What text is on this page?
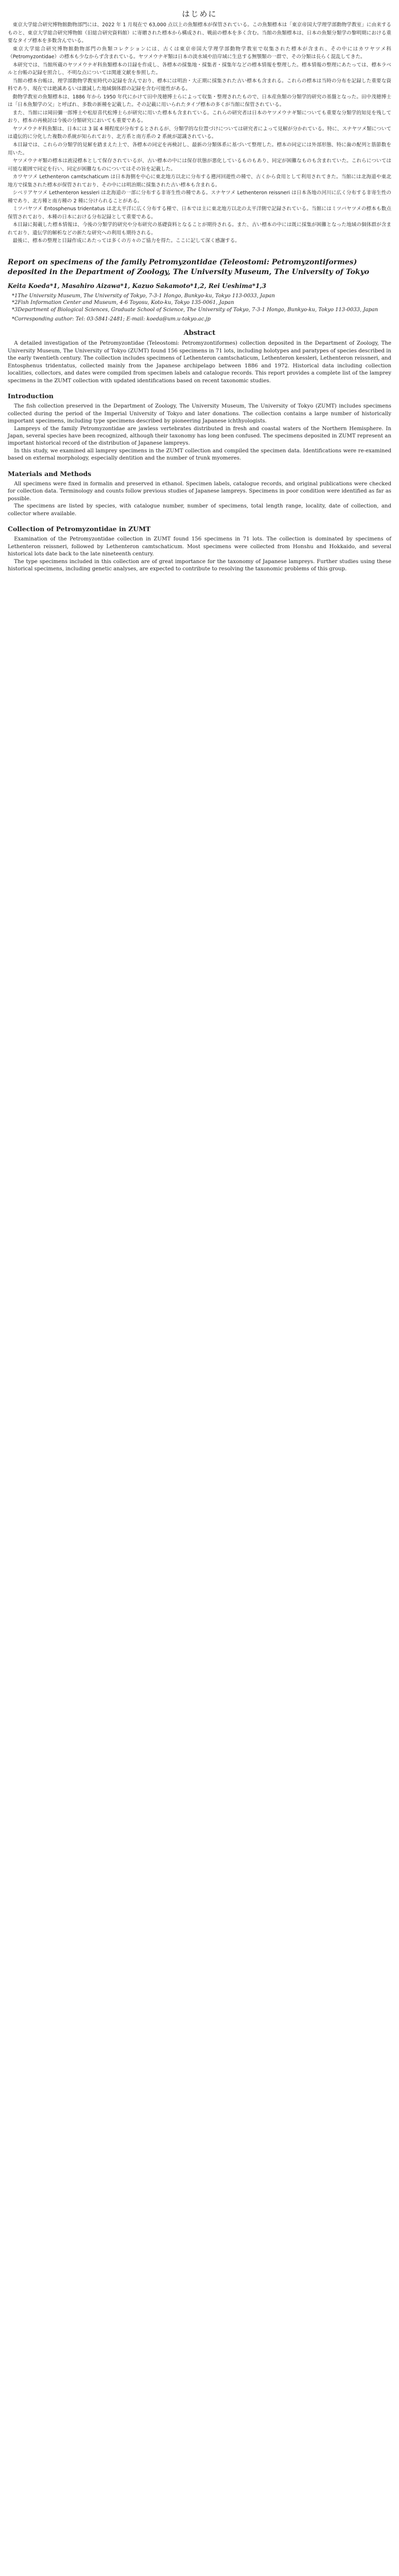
はじめに

東京大学総合研究博物館動物部門には、2022 年 1 月現在で 63,000 点以上の魚類標本が保管されている。この魚類標本は「東京帝国大学理学部動物学教室」に由来するものと、東京大学総合研究博物館（旧総合研究資料館）に寄贈された標本から構成され、戦前の標本を多く含む。当館の魚類標本は、日本の魚類分類学の黎明期における重要なタイプ標本を多数含んでいる。

東京大学総合研究博物館動物部門の魚類コレクションには、古くは東京帝国大学理学部動物学教室で収集された標本が含まれ、その中にはカワヤツメ科（Petromyzontidae）の標本も少なからず含まれている。ヤツメウナギ類は日本の淡水域や沿岸域に生息する無顎類の一群で、その分類は長らく混乱してきた。

本研究では、当館所蔵のヤツメウナギ科魚類標本の目録を作成し、各標本の採集地・採集者・採集年などの標本情報を整理した。標本情報の整理にあたっては、標本ラベルと台帳の記録を照合し、不明な点については関連文献を参照した。

当館の標本台帳は、理学部動物学教室時代の記録を含んでおり、標本には明治・大正期に採集された古い標本も含まれる。これらの標本は当時の分布を記録した重要な資料であり、現在では絶滅あるいは激減した地域個体群の記録を含む可能性がある。

動物学教室の魚類標本は、1886 年から 1950 年代にかけて田中茂穂博士らによって収集・整理されたもので、日本産魚類の分類学的研究の基盤となった。田中茂穂博士は「日本魚類学の父」と呼ばれ、多数の新種を記載した。その記載に用いられたタイプ標本の多くが当館に保管されている。

また、当館には岡田彌一郎博士や松原喜代松博士らが研究に用いた標本も含まれている。これらの研究者は日本のヤツメウナギ類についても重要な分類学的知見を残しており、標本の再検討は今後の分類研究においても重要である。

ヤツメウナギ科魚類は、日本には 3 属 4 種程度が分布するとされるが、分類学的な位置づけについては研究者によって見解が分かれている。特に、スナヤツメ類については遺伝的に分化した複数の系統が知られており、北方系と南方系の 2 系統が認識されている。

本目録では、これらの分類学的見解を踏まえた上で、各標本の同定を再検討し、最新の分類体系に基づいて整理した。標本の同定には外部形態、特に歯の配列と筋節数を用いた。

ヤツメウナギ類の標本は液浸標本として保存されているが、古い標本の中には保存状態が悪化しているものもあり、同定が困難なものも含まれていた。これらについては可能な範囲で同定を行い、同定が困難なものについてはその旨を記載した。

カワヤツメ Lethenteron camtschaticum は日本海側を中心に東北地方以北に分布する遡河回遊性の種で、古くから食用として利用されてきた。当館には北海道や東北地方で採集された標本が保管されており、その中には明治期に採集された古い標本も含まれる。

シベリアヤツメ Lethenteron kessleri は北海道の一部に分布する非寄生性の種である。スナヤツメ Lethenteron reissneri は日本各地の河川に広く分布する非寄生性の種であり、北方種と南方種の 2 種に分けられることがある。

ミツバヤツメ Entosphenus tridentatus は北太平洋に広く分布する種で、日本では主に東北地方以北の太平洋側で記録されている。当館にはミツバヤツメの標本も数点保管されており、本種の日本における分布記録として重要である。

本目録に掲載した標本情報は、今後の分類学的研究や分布研究の基礎資料となることが期待される。また、古い標本の中には既に採集が困難となった地域の個体群が含まれており、遺伝学的解析などの新たな研究への利用も期待される。

最後に、標本の整理と目録作成にあたっては多くの方々のご協力を得た。ここに記して深く感謝する。

Report on specimens of the family Petromyzontidae (Teleostomi: Petromyzontiformes) deposited in the Department of Zoology, The University Museum, The University of Tokyo
Keita Koeda*1, Masahiro Aizawa*1, Kazuo Sakamoto*1,2, Rei Ueshima*1,3
*1The University Museum, The University of Tokyo, 7-3-1 Hongo, Bunkyo-ku, Tokyo 113-0033, Japan
*2Fish Information Center and Museum, 4-6 Toyosu, Koto-ku, Tokyo 135-0061, Japan
*3Department of Biological Sciences, Graduate School of Science, The University of Tokyo, 7-3-1 Hongo, Bunkyo-ku, Tokyo 113-0033, Japan
*Corresponding author: Tel: 03-5841-2481; E-mail: koeda@um.u-tokyo.ac.jp
Abstract

A detailed investigation of the Petromyzontidae (Teleostomi: Petromyzontiformes) collection deposited in the Department of Zoology, The University Museum, The University of Tokyo (ZUMT) found 156 specimens in 71 lots, including holotypes and paratypes of species described in the early twentieth century. The collection includes specimens of Lethenteron camtschaticum, Lethenteron kessleri, Lethenteron reissneri, and Entosphenus tridentatus, collected mainly from the Japanese archipelago between 1886 and 1972. Historical data including collection localities, collectors, and dates were compiled from specimen labels and catalogue records. This report provides a complete list of the lamprey specimens in the ZUMT collection with updated identifications based on recent taxonomic studies.

Introduction

The fish collection preserved in the Department of Zoology, The University Museum, The University of Tokyo (ZUMT) includes specimens collected during the period of the Imperial University of Tokyo and later donations. The collection contains a large number of historically important specimens, including type specimens described by pioneering Japanese ichthyologists.

Lampreys of the family Petromyzontidae are jawless vertebrates distributed in fresh and coastal waters of the Northern Hemisphere. In Japan, several species have been recognized, although their taxonomy has long been confused. The specimens deposited in ZUMT represent an important historical record of the distribution of Japanese lampreys.

In this study, we examined all lamprey specimens in the ZUMT collection and compiled the specimen data. Identifications were re-examined based on external morphology, especially dentition and the number of trunk myomeres.

Materials and Methods

All specimens were fixed in formalin and preserved in ethanol. Specimen labels, catalogue records, and original publications were checked for collection data. Terminology and counts follow previous studies of Japanese lampreys. Specimens in poor condition were identified as far as possible.

The specimens are listed by species, with catalogue number, number of specimens, total length range, locality, date of collection, and collector where available.

Collection of Petromyzontidae in ZUMT

Examination of the Petromyzontidae collection in ZUMT found 156 specimens in 71 lots. The collection is dominated by specimens of Lethenteron reissneri, followed by Lethenteron camtschaticum. Most specimens were collected from Honshu and Hokkaido, and several historical lots date back to the late nineteenth century.

The type specimens included in this collection are of great importance for the taxonomy of Japanese lampreys. Further studies using these historical specimens, including genetic analyses, are expected to contribute to resolving the taxonomic problems of this group.
